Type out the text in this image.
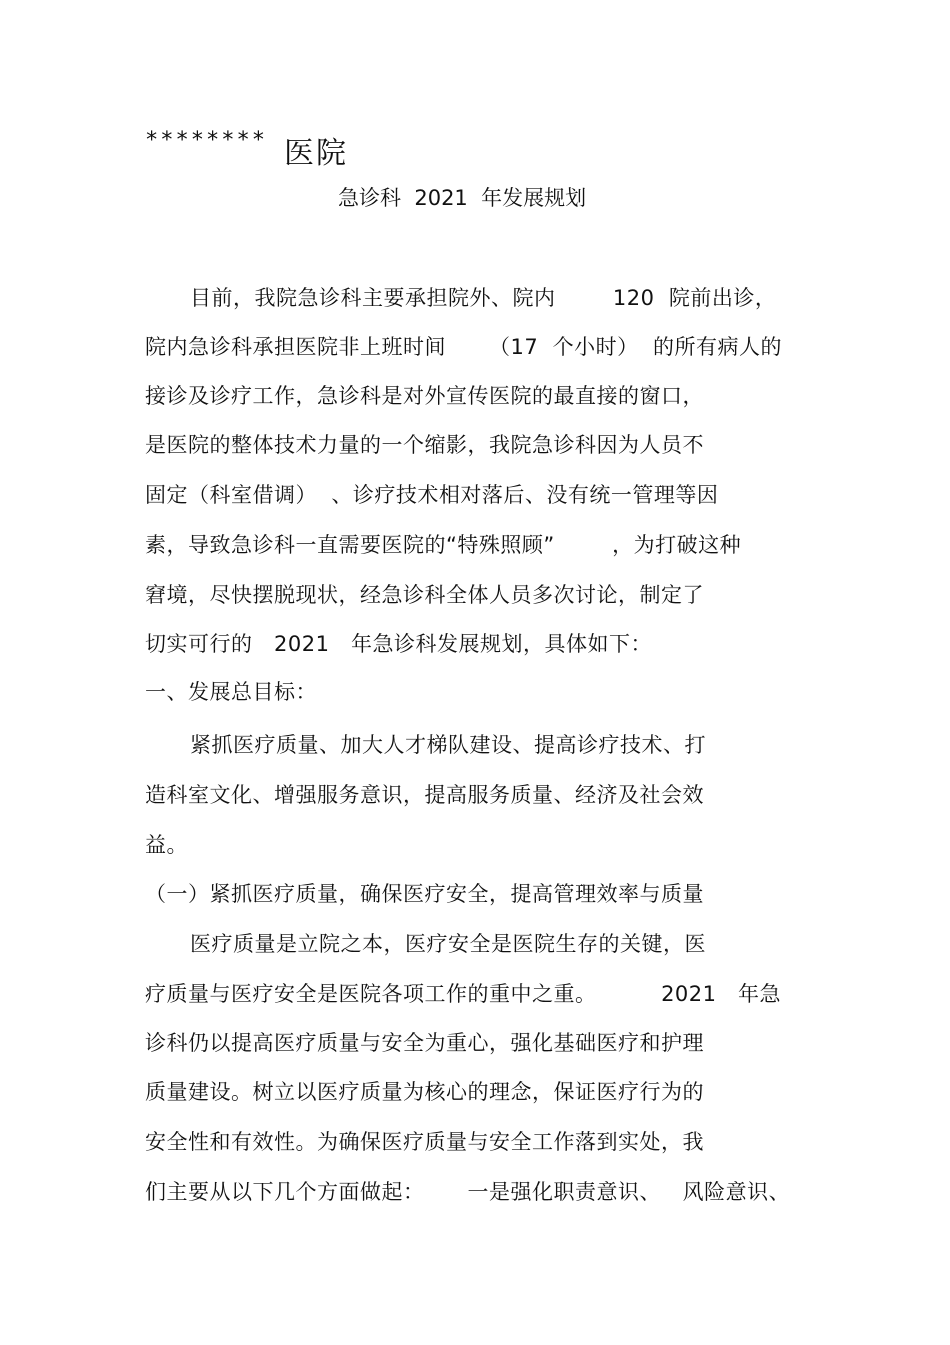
******** 医院
急诊科  2021  年发展规划
目前，我院急诊科主要承担院外、院内        120  院前出诊，
院内急诊科承担医院非上班时间      （17  个小时）  的所有病人的
接诊及诊疗工作，急诊科是对外宣传医院的最直接的窗口，
是医院的整体技术力量的一个缩影，我院急诊科因为人员不
固定（科室借调）  、诊疗技术相对落后、没有统一管理等因
素，导致急诊科一直需要医院的“特殊照顾”        ，为打破这种
窘境，尽快摆脱现状，经急诊科全体人员多次讨论，制定了
切实可行的   2021   年急诊科发展规划，具体如下：
一、发展总目标：
紧抓医疗质量、加大人才梯队建设、提高诊疗技术、打
造科室文化、增强服务意识，提高服务质量、经济及社会效
益。
（一）紧抓医疗质量，确保医疗安全，提高管理效率与质量
医疗质量是立院之本，医疗安全是医院生存的关键，医
疗质量与医疗安全是医院各项工作的重中之重。         2021   年急
诊科仍以提高医疗质量与安全为重心，强化基础医疗和护理
质量建设。树立以医疗质量为核心的理念，保证医疗行为的
安全性和有效性。为确保医疗质量与安全工作落到实处，我
们主要从以下几个方面做起：      一是强化职责意识、   风险意识、
